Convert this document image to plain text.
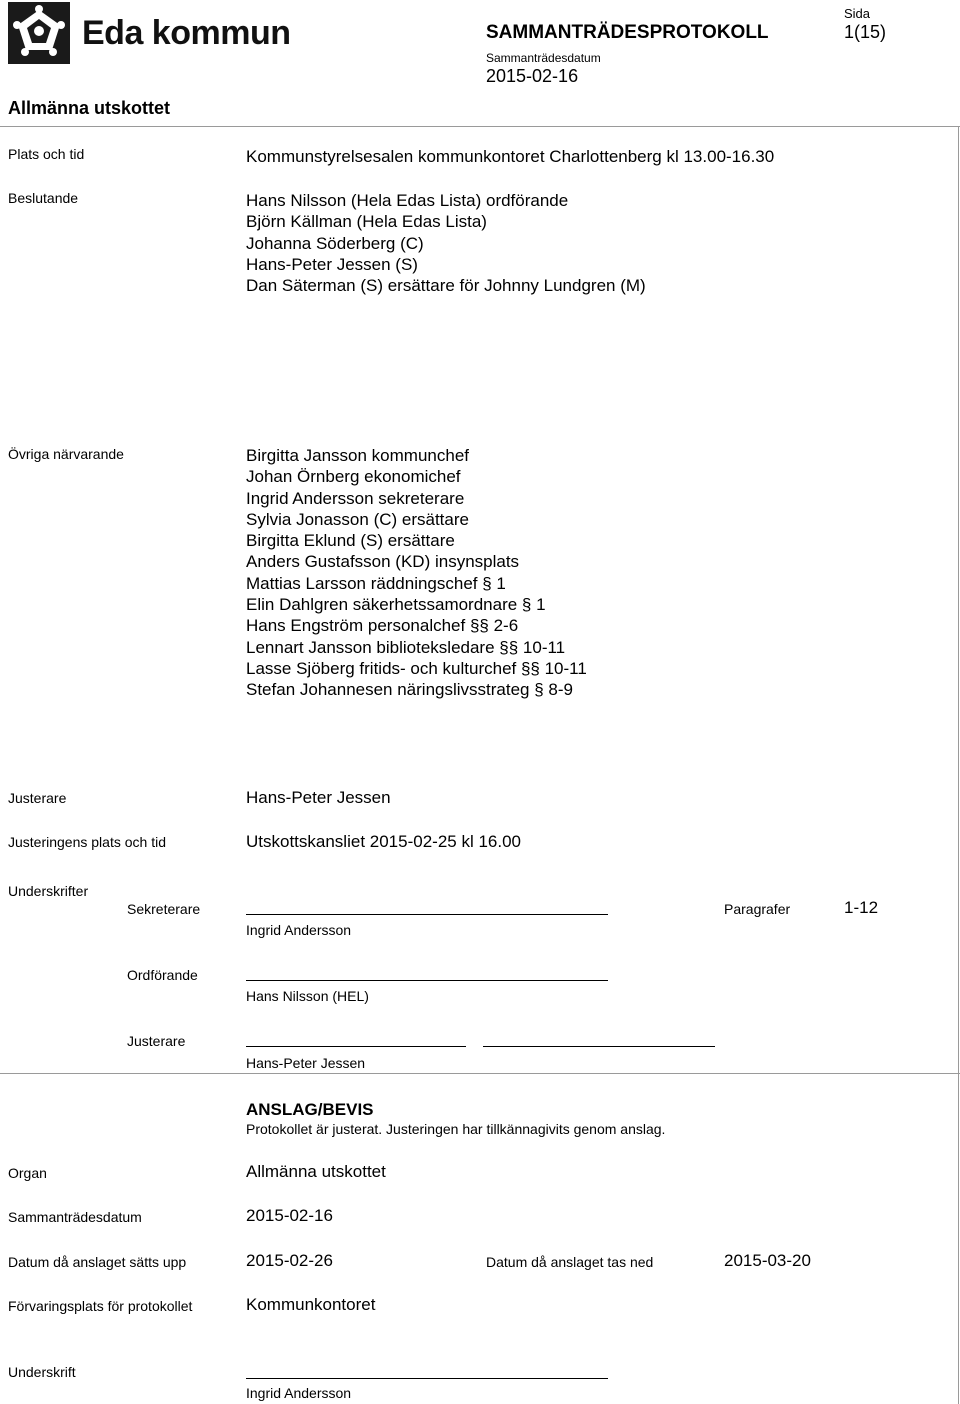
Eda kommun	SAMMANTRÄDESPROTOKOLL
Sammanträdesdatum
2015-02-16
Sida
1(15)
Allmänna utskottet
Plats och tid	Kommunstyrelsesalen kommunkontoret Charlottenberg kl 13.00-16.30
Beslutande	Hans Nilsson (Hela Edas Lista) ordförande
Björn Källman (Hela Edas Lista)
Johanna Söderberg (C)
Hans-Peter Jessen (S)
Dan Säterman (S) ersättare för Johnny Lundgren (M)
Övriga närvarande	Birgitta Jansson kommunchef
Johan Örnberg ekonomichef
Ingrid Andersson sekreterare
Sylvia Jonasson (C) ersättare
Birgitta Eklund (S) ersättare
Anders Gustafsson (KD) insynsplats
Mattias Larsson räddningschef § 1
Elin Dahlgren säkerhetssamordnare § 1
Hans Engström personalchef §§ 2-6
Lennart Jansson biblioteksledare §§ 10-11
Lasse Sjöberg fritids- och kulturchef §§ 10-11
Stefan Johannesen näringslivsstrateg § 8-9
Justerare	Hans-Peter Jessen
Justeringens plats och tid	Utskottskansliet 2015-02-25 kl 16.00
Underskrifter
Sekreterare
Ingrid Andersson
Paragrafer	1-12
Ordförande
Hans Nilsson (HEL)
Justerare
Hans-Peter Jessen
ANSLAG/BEVIS
Protokollet är justerat. Justeringen har tillkännagivits genom anslag.
Organ	Allmänna utskottet
Sammanträdesdatum	2015-02-16
Datum då anslaget sätts upp	2015-02-26	Datum då anslaget tas ned	2015-03-20
Förvaringsplats för protokollet	Kommunkontoret
Underskrift
Ingrid Andersson
